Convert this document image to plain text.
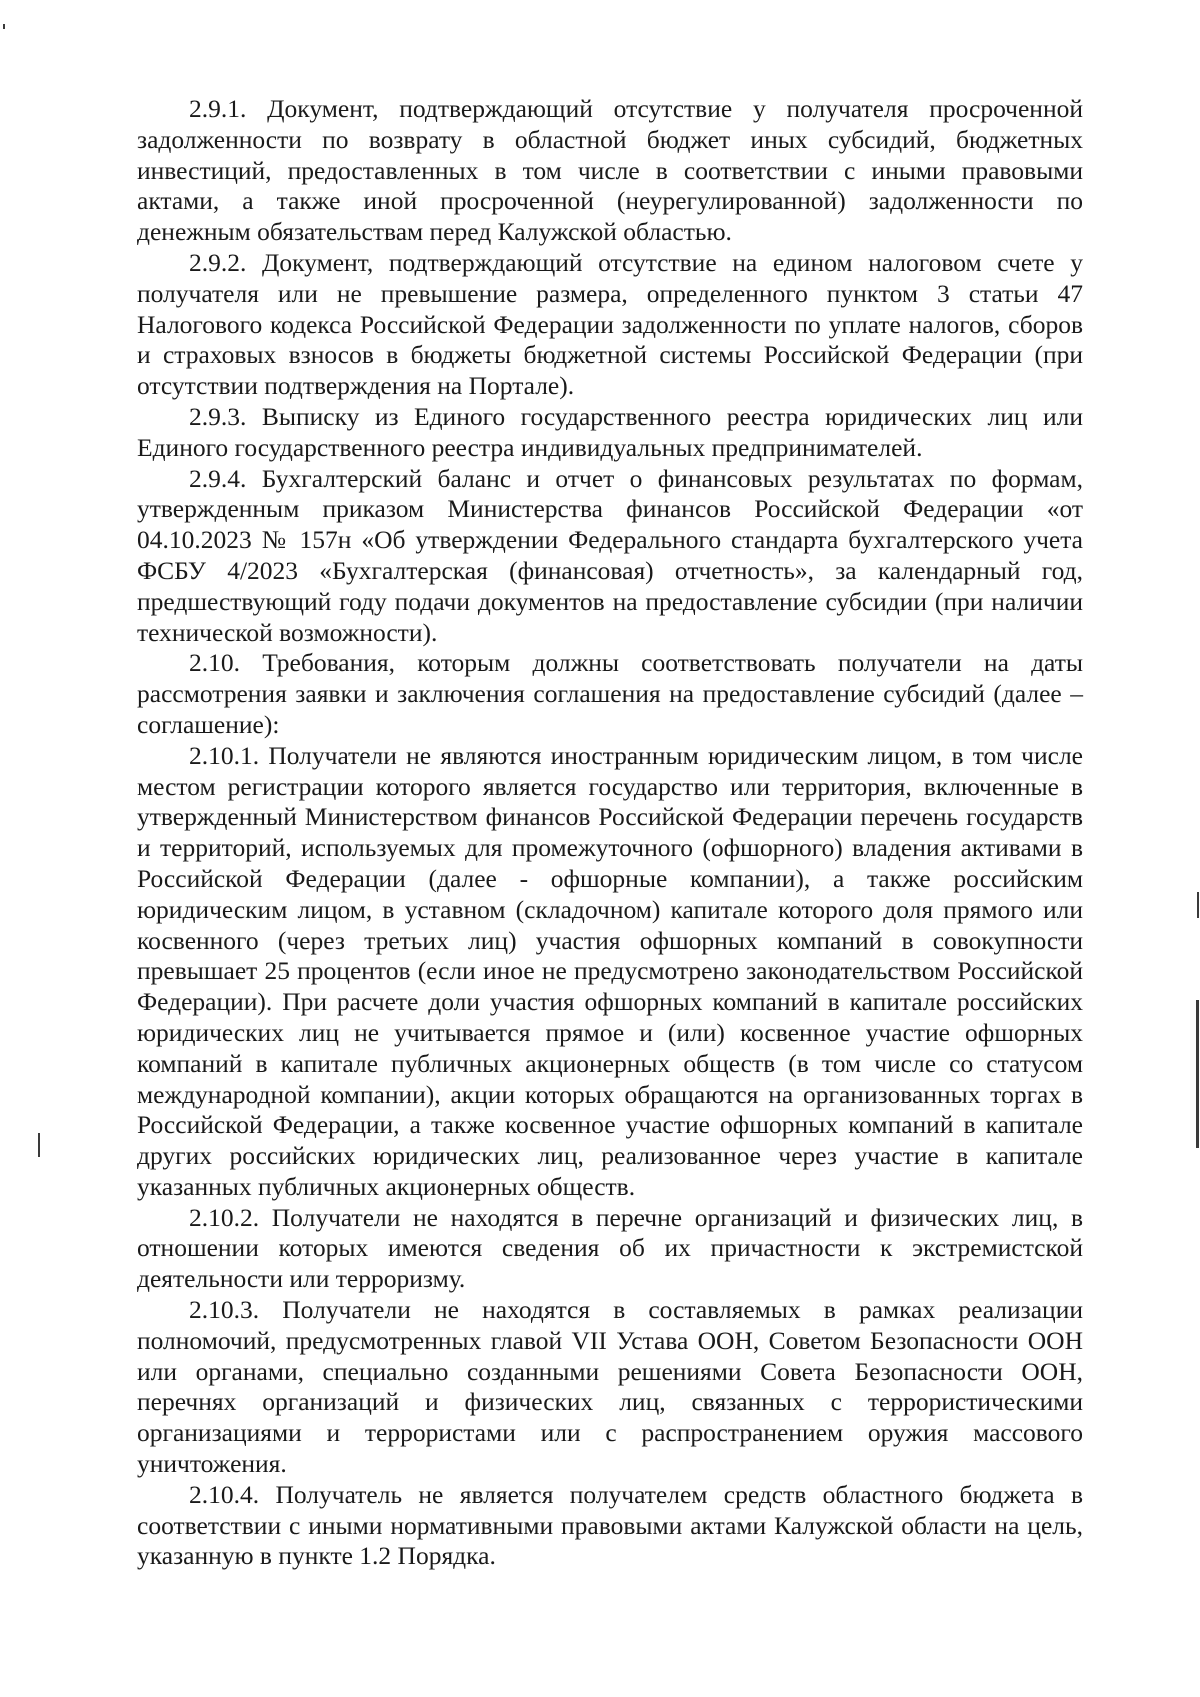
2.9.1. Документ, подтверждающий отсутствие у получателя просроченной задолженности по возврату в областной бюджет иных субсидий, бюджетных инвестиций, предоставленных в том числе в соответствии с иными правовыми актами, а также иной просроченной (неурегулированной) задолженности по денежным обязательствам перед Калужской областью.

2.9.2. Документ, подтверждающий отсутствие на едином налоговом счете у получателя или не превышение размера, определенного пунктом 3 статьи 47 Налогового кодекса Российской Федерации задолженности по уплате налогов, сборов и страховых взносов в бюджеты бюджетной системы Российской Федерации (при отсутствии подтверждения на Портале).

2.9.3. Выписку из Единого государственного реестра юридических лиц или Единого государственного реестра индивидуальных предпринимателей.

2.9.4. Бухгалтерский баланс и отчет о финансовых результатах по формам, утвержденным приказом Министерства финансов Российской Федерации «от 04.10.2023 № 157н «Об утверждении Федерального стандарта бухгалтерского учета ФСБУ 4/2023 «Бухгалтерская (финансовая) отчетность», за календарный год, предшествующий году подачи документов на предоставление субсидии (при наличии технической возможности).

2.10. Требования, которым должны соответствовать получатели на даты рассмотрения заявки и заключения соглашения на предоставление субсидий (далее – соглашение):

2.10.1. Получатели не являются иностранным юридическим лицом, в том числе местом регистрации которого является государство или территория, включенные в утвержденный Министерством финансов Российской Федерации перечень государств и территорий, используемых для промежуточного (офшорного) владения активами в Российской Федерации (далее - офшорные компании), а также российским юридическим лицом, в уставном (складочном) капитале которого доля прямого или косвенного (через третьих лиц) участия офшорных компаний в совокупности превышает 25 процентов (если иное не предусмотрено законодательством Российской Федерации). При расчете доли участия офшорных компаний в капитале российских юридических лиц не учитывается прямое и (или) косвенное участие офшорных компаний в капитале публичных акционерных обществ (в том числе со статусом международной компании), акции которых обращаются на организованных торгах в Российской Федерации, а также косвенное участие офшорных компаний в капитале других российских юридических лиц, реализованное через участие в капитале указанных публичных акционерных обществ.

2.10.2. Получатели не находятся в перечне организаций и физических лиц, в отношении которых имеются сведения об их причастности к экстремистской деятельности или терроризму.

2.10.3. Получатели не находятся в составляемых в рамках реализации полномочий, предусмотренных главой VII Устава ООН, Советом Безопасности ООН или органами, специально созданными решениями Совета Безопасности ООН, перечнях организаций и физических лиц, связанных с террористическими организациями и террористами или с распространением оружия массового уничтожения.

2.10.4. Получатель не является получателем средств областного бюджета в соответствии с иными нормативными правовыми актами Калужской области на цель, указанную в пункте 1.2 Порядка.
